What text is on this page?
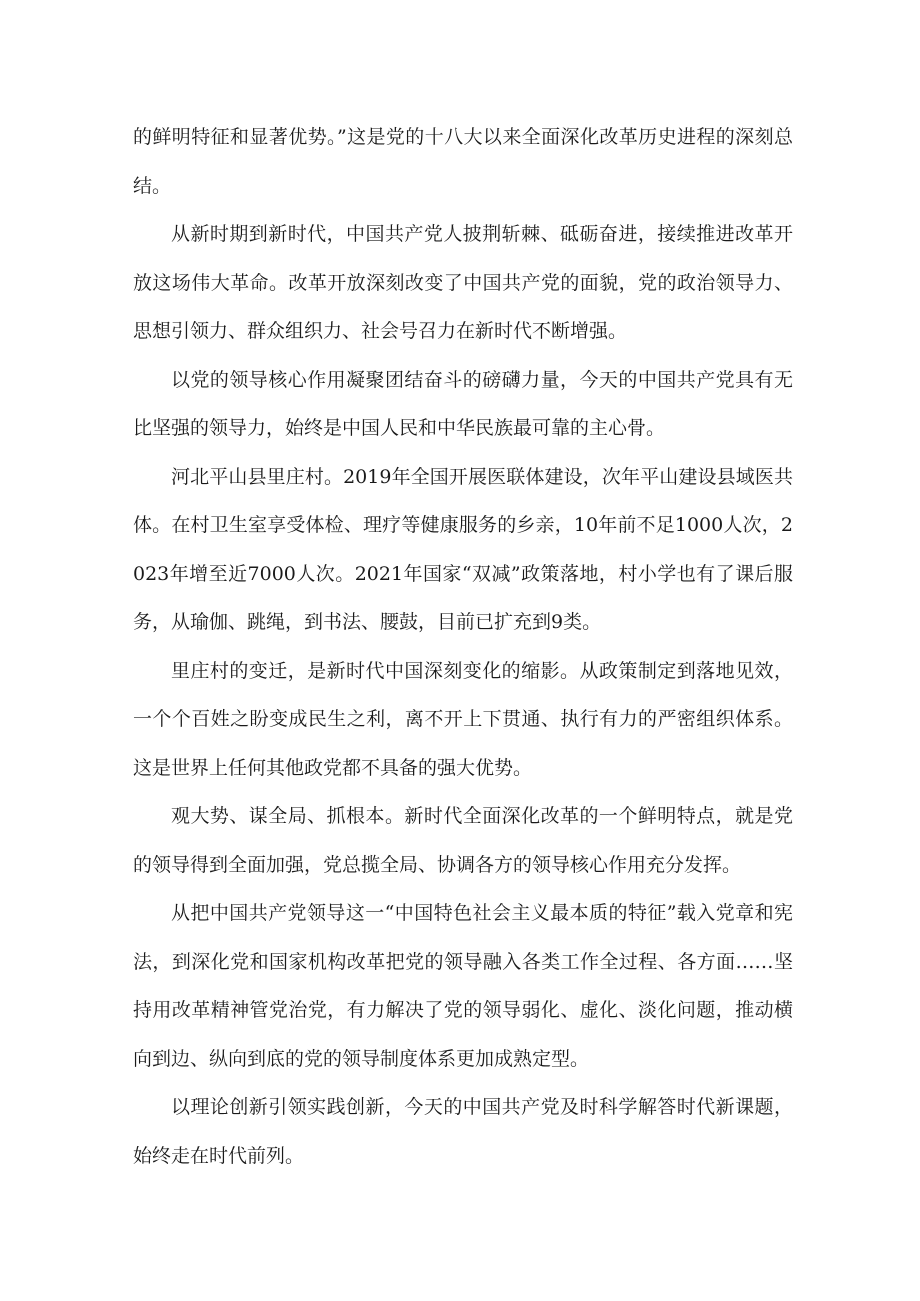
的鲜明特征和显著优势。”这是党的十八大以来全面深化改革历史进程的深刻总结。

从新时期到新时代，中国共产党人披荆斩棘、砥砺奋进，接续推进改革开放这场伟大革命。改革开放深刻改变了中国共产党的面貌，党的政治领导力、思想引领力、群众组织力、社会号召力在新时代不断增强。

以党的领导核心作用凝聚团结奋斗的磅礴力量，今天的中国共产党具有无比坚强的领导力，始终是中国人民和中华民族最可靠的主心骨。

河北平山县里庄村。2019年全国开展医联体建设，次年平山建设县域医共体。在村卫生室享受体检、理疗等健康服务的乡亲，10年前不足1000人次，2023年增至近7000人次。2021年国家“双减”政策落地，村小学也有了课后服务，从瑜伽、跳绳，到书法、腰鼓，目前已扩充到9类。

里庄村的变迁，是新时代中国深刻变化的缩影。从政策制定到落地见效，一个个百姓之盼变成民生之利，离不开上下贯通、执行有力的严密组织体系。这是世界上任何其他政党都不具备的强大优势。

观大势、谋全局、抓根本。新时代全面深化改革的一个鲜明特点，就是党的领导得到全面加强，党总揽全局、协调各方的领导核心作用充分发挥。

从把中国共产党领导这一“中国特色社会主义最本质的特征”载入党章和宪法，到深化党和国家机构改革把党的领导融入各类工作全过程、各方面……坚持用改革精神管党治党，有力解决了党的领导弱化、虚化、淡化问题，推动横向到边、纵向到底的党的领导制度体系更加成熟定型。

以理论创新引领实践创新，今天的中国共产党及时科学解答时代新课题，始终走在时代前列。
